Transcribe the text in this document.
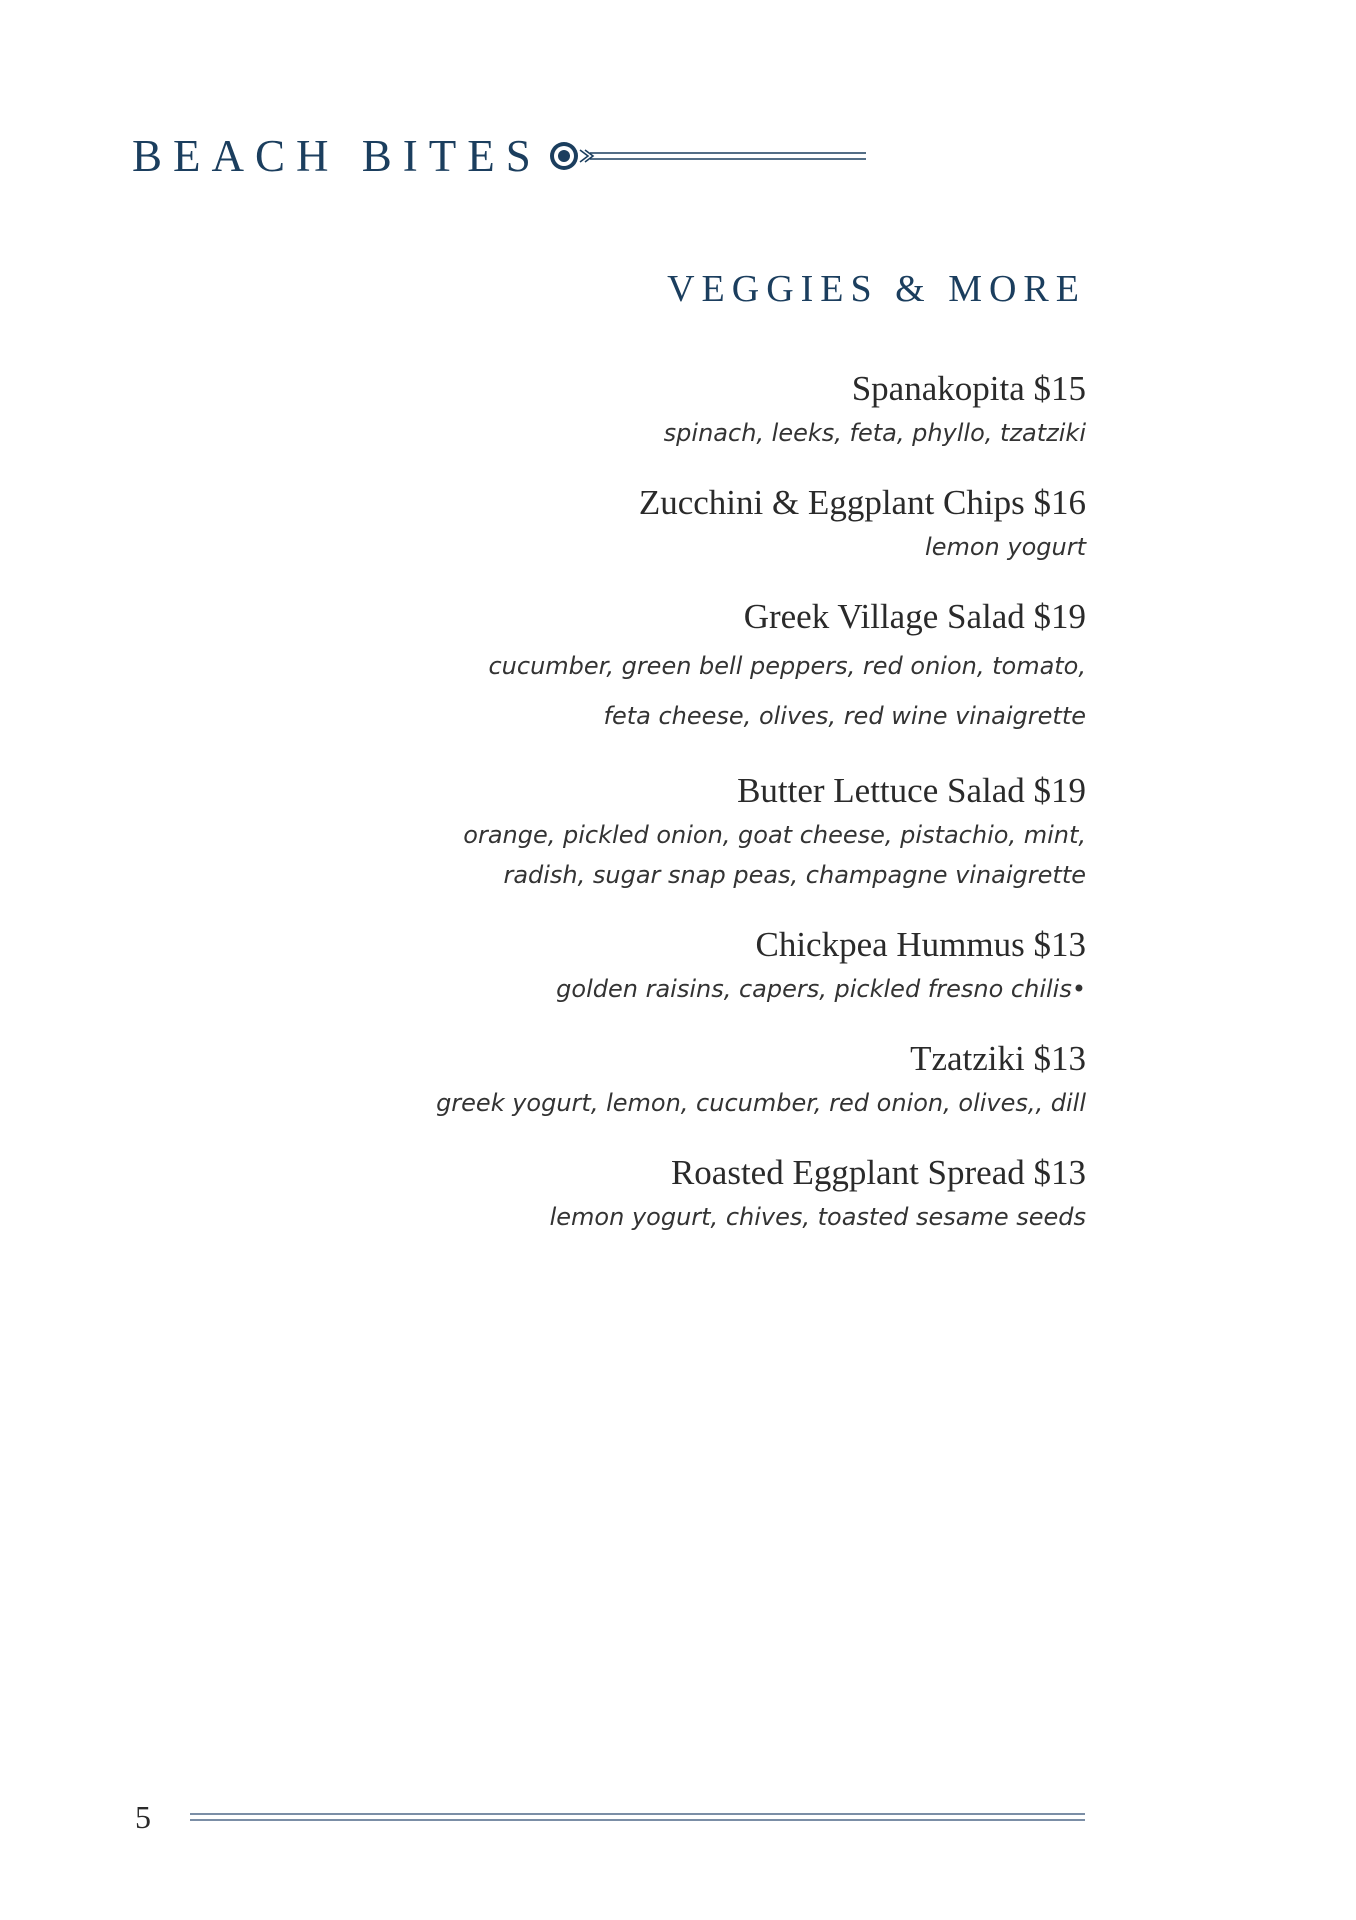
BEACH BITES
VEGGIES & MORE
Spanakopita $15
spinach, leeks, feta, phyllo, tzatziki
Zucchini & Eggplant Chips $16
lemon yogurt
Greek Village Salad $19
cucumber, green bell peppers, red onion, tomato,
feta cheese, olives, red wine vinaigrette
Butter Lettuce Salad $19
orange, pickled onion, goat cheese, pistachio, mint,
radish, sugar snap peas, champagne vinaigrette
Chickpea Hummus $13
golden raisins, capers, pickled fresno chilis•
Tzatziki $13
greek yogurt, lemon, cucumber, red onion, olives,, dill
Roasted Eggplant Spread $13
lemon yogurt, chives, toasted sesame seeds
5
